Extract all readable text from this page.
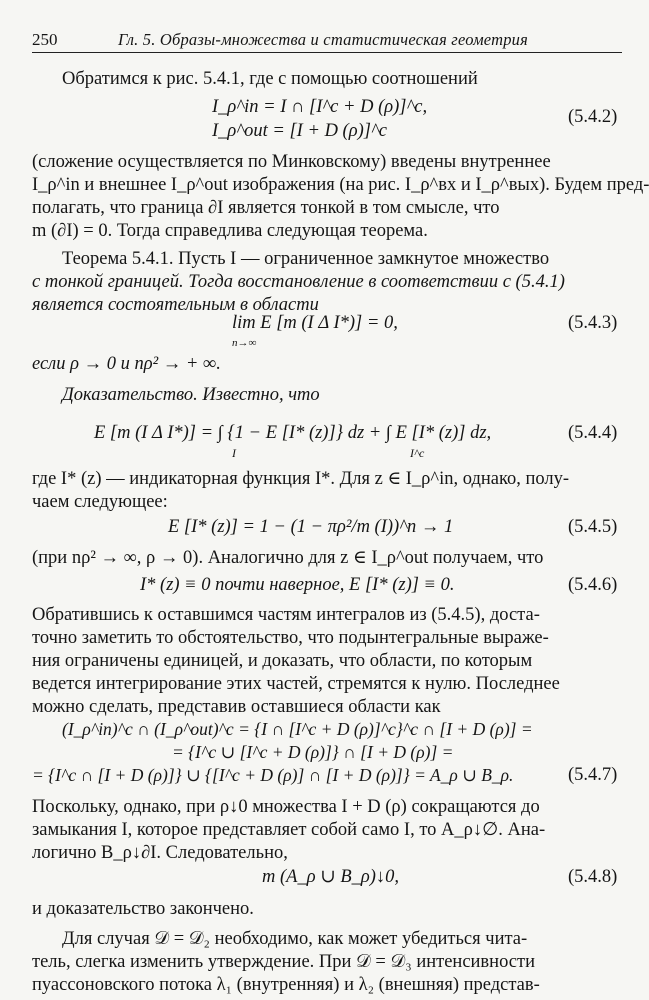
250	Гл. 5. Образы-множества и статистическая геометрия
Обратимся к рис. 5.4.1, где с помощью соотношений
I_ρ^in = I ∩ [I^c + D (ρ)]^c,
I_ρ^out = [I + D (ρ)]^c
(5.4.2)
(сложение осуществляется по Минковскому) введены внутреннее
I_ρ^in и внешнее I_ρ^out изображения (на рис. I_ρ^вх и I_ρ^вых). Будем пред-
полагать, что граница ∂I является тонкой в том смысле, что
m (∂I) = 0. Тогда справедлива следующая теорема.
Теорема 5.4.1. Пусть I — ограниченное замкнутое множество
с тонкой границей. Тогда восстановление в соответствии с (5.4.1)
является состоятельным в области
lim E [m (I Δ I*)] = 0,
n→∞
(5.4.3)
если ρ → 0 и nρ² → + ∞.
Доказательство. Известно, что
E [m (I Δ I*)] = ∫ {1 − E [I* (z)]} dz + ∫ E [I* (z)] dz,
I	I^c
(5.4.4)
где I* (z) — индикаторная функция I*. Для z ∈ I_ρ^in, однако, полу-
чаем следующее:
E [I* (z)] = 1 − (1 − πρ²/m (I))^n → 1	(5.4.5)
(при nρ² → ∞, ρ → 0). Аналогично для z ∈ I_ρ^out получаем, что
I* (z) ≡ 0 почти наверное, E [I* (z)] ≡ 0.	(5.4.6)
Обратившись к оставшимся частям интегралов из (5.4.5), доста-
точно заметить то обстоятельство, что подынтегральные выраже-
ния ограничены единицей, и доказать, что области, по которым
ведется интегрирование этих частей, стремятся к нулю. Последнее
можно сделать, представив оставшиеся области как
(I_ρ^in)^c ∩ (I_ρ^out)^c = {I ∩ [I^c + D (ρ)]^c}^c ∩ [I + D (ρ)] =
= {I^c ∪ [I^c + D (ρ)]} ∩ [I + D (ρ)] =
= {I^c ∩ [I + D (ρ)]} ∪ {[I^c + D (ρ)] ∩ [I + D (ρ)]} = A_ρ ∪ B_ρ.	(5.4.7)
Поскольку, однако, при ρ↓0 множества I + D (ρ) сокращаются до
замыкания I, которое представляет собой само I, то A_ρ↓∅. Ана-
логично B_ρ↓∂I. Следовательно,
m (A_ρ ∪ B_ρ)↓0,	(5.4.8)
и доказательство закончено.
Для случая 𝒟 = 𝒟₂ необходимо, как может убедиться чита-
тель, слегка изменить утверждение. При 𝒟 = 𝒟₃ интенсивности
пуассоновского потока λ₁ (внутренняя) и λ₂ (внешняя) представ-
